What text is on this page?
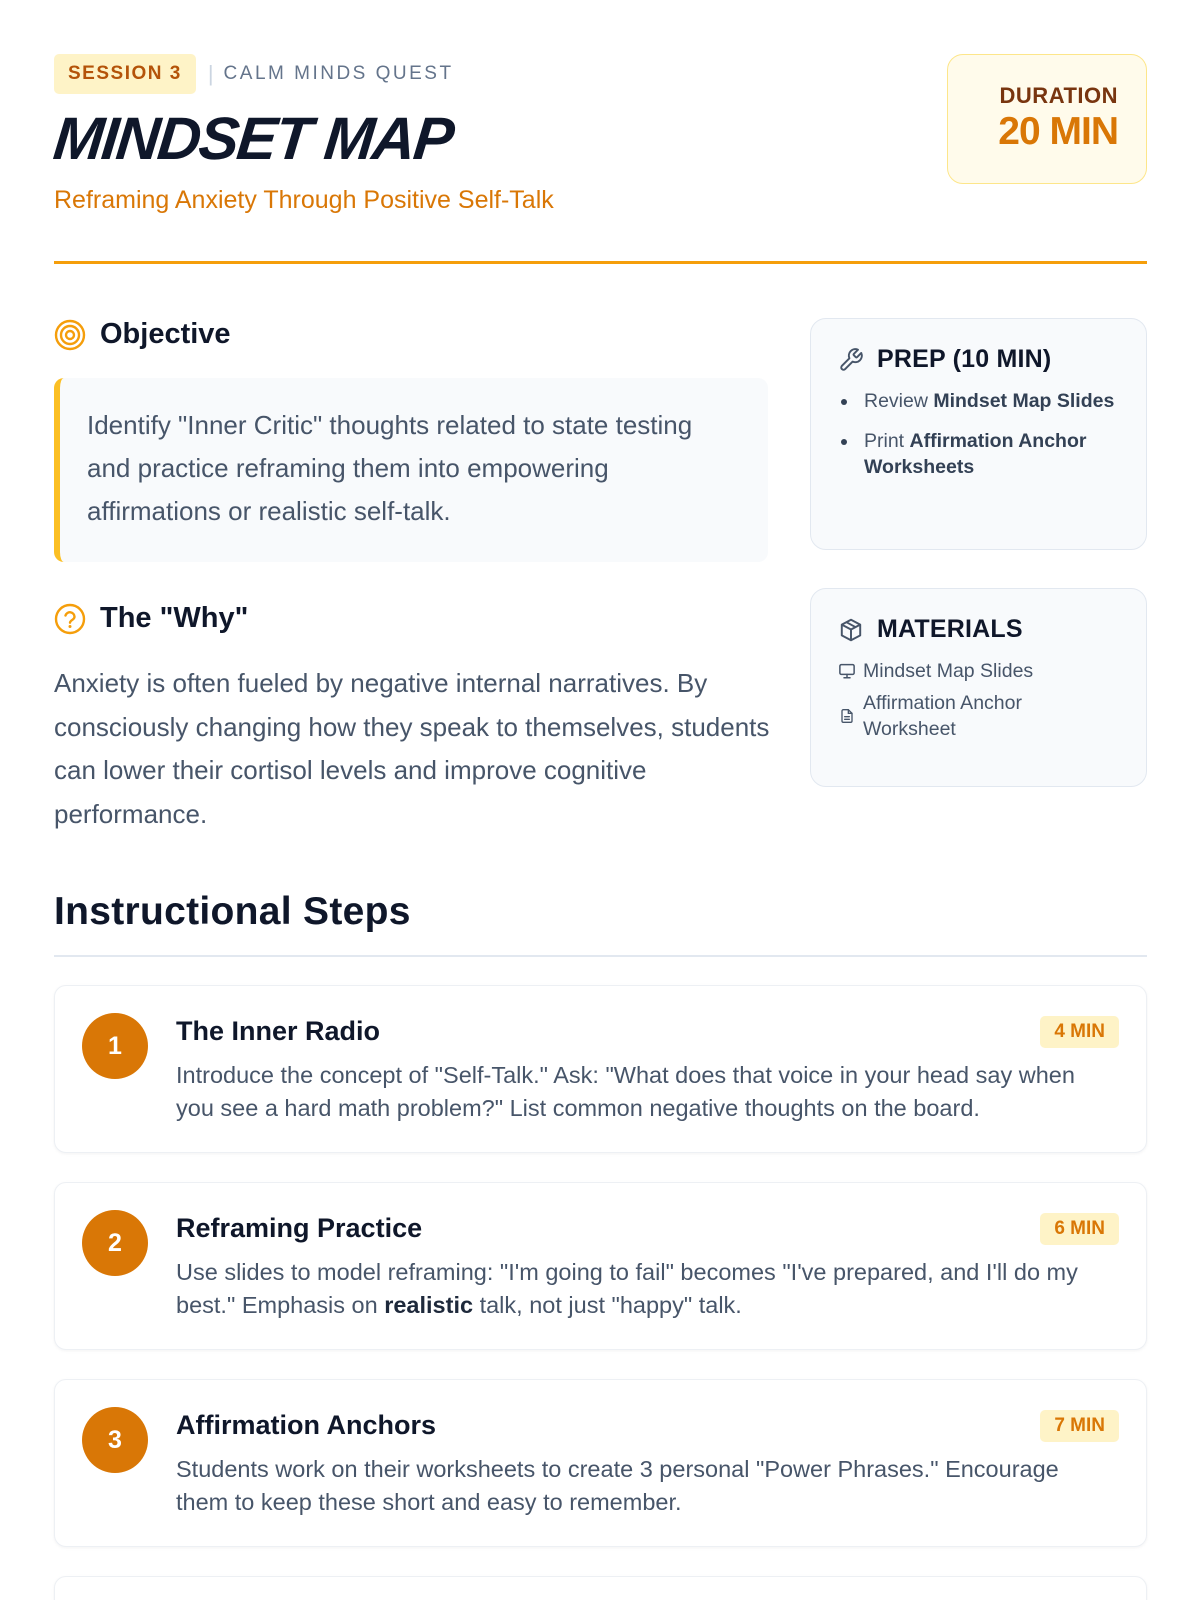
SESSION 3	| CALM MINDS QUEST
MINDSET MAP
Reframing Anxiety Through Positive Self-Talk
DURATION
20 MIN
Objective
Identify "Inner Critic" thoughts related to state testing and practice reframing them into empowering affirmations or realistic self-talk.
The "Why"
Anxiety is often fueled by negative internal narratives. By consciously changing how they speak to themselves, students can lower their cortisol levels and improve cognitive performance.
PREP (10 MIN)
Review Mindset Map Slides
Print Affirmation Anchor Worksheets
MATERIALS
Mindset Map Slides
Affirmation Anchor Worksheet
Instructional Steps
1	The Inner Radio	4 MIN
Introduce the concept of "Self-Talk." Ask: "What does that voice in your head say when you see a hard math problem?" List common negative thoughts on the board.
2	Reframing Practice	6 MIN
Use slides to model reframing: "I'm going to fail" becomes "I've prepared, and I'll do my best." Emphasis on realistic talk, not just "happy" talk.
3	Affirmation Anchors	7 MIN
Students work on their worksheets to create 3 personal "Power Phrases." Encourage them to keep these short and easy to remember.
